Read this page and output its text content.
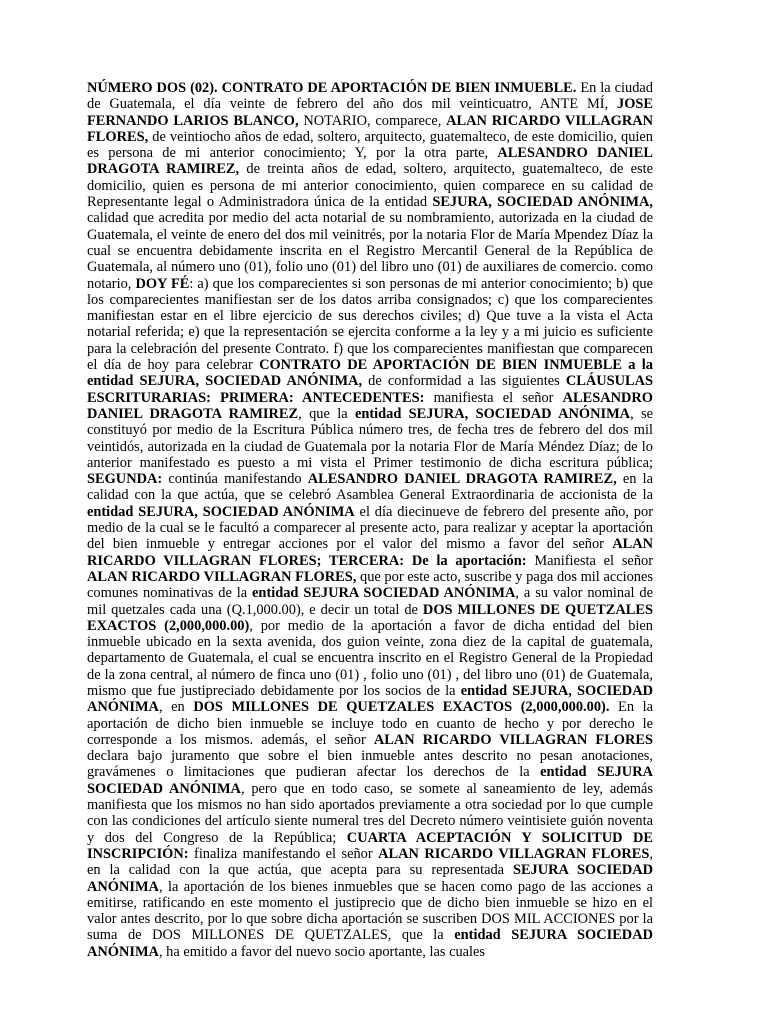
NÚMERO DOS (02). CONTRATO DE APORTACIÓN DE BIEN INMUEBLE. En la ciudad de Guatemala, el día veinte de febrero del año dos mil veinticuatro, ANTE MÍ, JOSE FERNANDO LARIOS BLANCO, NOTARIO, comparece, ALAN RICARDO VILLAGRAN FLORES, de veintiocho años de edad, soltero, arquitecto, guatemalteco, de este domicilio, quien es persona de mi anterior conocimiento; Y, por la otra parte, ALESANDRO DANIEL DRAGOTA RAMIREZ, de treinta años de edad, soltero, arquitecto, guatemalteco, de este domicilio, quien es persona de mi anterior conocimiento, quien comparece en su calidad de Representante legal o Administradora única de la entidad SEJURA, SOCIEDAD ANÓNIMA, calidad que acredita por medio del acta notarial de su nombramiento, autorizada en la ciudad de Guatemala, el veinte de enero del dos mil veinitrés, por la notaria Flor de María Mpendez Díaz la cual se encuentra debidamente inscrita en el Registro Mercantil General de la República de Guatemala, al número uno (01), folio uno (01) del libro uno (01) de auxiliares de comercio. como notario, DOY FÉ: a) que los comparecientes si son personas de mi anterior conocimiento; b) que los comparecientes manifiestan ser de los datos arriba consignados; c) que los comparecientes manifiestan estar en el libre ejercicio de sus derechos civiles; d) Que tuve a la vista el Acta notarial referida; e) que la representación se ejercita conforme a la ley y a mi juicio es suficiente para la celebración del presente Contrato. f) que los comparecientes manifiestan que comparecen el día de hoy para celebrar CONTRATO DE APORTACIÓN DE BIEN INMUEBLE a la entidad SEJURA, SOCIEDAD ANÓNIMA, de conformidad a las siguientes CLÁUSULAS ESCRITURARIAS: PRIMERA: ANTECEDENTES: manifiesta el señor ALESANDRO DANIEL DRAGOTA RAMIREZ, que la entidad SEJURA, SOCIEDAD ANÓNIMA, se constituyó por medio de la Escritura Pública número tres, de fecha tres de febrero del dos mil veintidós, autorizada en la ciudad de Guatemala por la notaria Flor de María Méndez Díaz; de lo anterior manifestado es puesto a mi vista el Primer testimonio de dicha escritura pública; SEGUNDA: continúa manifestando ALESANDRO DANIEL DRAGOTA RAMIREZ, en la calidad con la que actúa, que se celebró Asamblea General Extraordinaria de accionista de la entidad SEJURA, SOCIEDAD ANÓNIMA el día diecinueve de febrero del presente año, por medio de la cual se le facultó a comparecer al presente acto, para realizar y aceptar la aportación del bien inmueble y entregar acciones por el valor del mismo a favor del señor ALAN RICARDO VILLAGRAN FLORES; TERCERA: De la aportación: Manifiesta el señor ALAN RICARDO VILLAGRAN FLORES, que por este acto, suscribe y paga dos mil acciones comunes nominativas de la entidad SEJURA SOCIEDAD ANÓNIMA, a su valor nominal de mil quetzales cada una (Q.1,000.00), e decir un total de DOS MILLONES DE QUETZALES EXACTOS (2,000,000.00), por medio de la aportación a favor de dicha entidad del bien inmueble ubicado en la sexta avenida, dos guion veinte, zona diez de la capital de guatemala, departamento de Guatemala, el cual se encuentra inscrito en el Registro General de la Propiedad de la zona central, al número de finca uno (01) , folio uno (01) , del libro uno (01) de Guatemala, mismo que fue justipreciado debidamente por los socios de la entidad SEJURA, SOCIEDAD ANÓNIMA, en DOS MILLONES DE QUETZALES EXACTOS (2,000,000.00). En la aportación de dicho bien inmueble se incluye todo en cuanto de hecho y por derecho le corresponde a los mismos. además, el señor ALAN RICARDO VILLAGRAN FLORES declara bajo juramento que sobre el bien inmueble antes descrito no pesan anotaciones, gravámenes o limitaciones que pudieran afectar los derechos de la entidad SEJURA SOCIEDAD ANÓNIMA, pero que en todo caso, se somete al saneamiento de ley, además manifiesta que los mismos no han sido aportados previamente a otra sociedad por lo que cumple con las condiciones del artículo siente numeral tres del Decreto número veintisiete guión noventa y dos del Congreso de la República; CUARTA ACEPTACIÓN Y SOLICITUD DE INSCRIPCIÓN: finaliza manifestando el señor ALAN RICARDO VILLAGRAN FLORES, en la calidad con la que actúa, que acepta para su representada SEJURA SOCIEDAD ANÓNIMA, la aportación de los bienes inmuebles que se hacen como pago de las acciones a emitirse, ratificando en este momento el justiprecio que de dicho bien inmueble se hizo en el valor antes descrito, por lo que sobre dicha aportación se suscriben DOS MIL ACCIONES por la suma de DOS MILLONES DE QUETZALES, que la entidad SEJURA SOCIEDAD ANÓNIMA, ha emitido a favor del nuevo socio aportante, las cuales
